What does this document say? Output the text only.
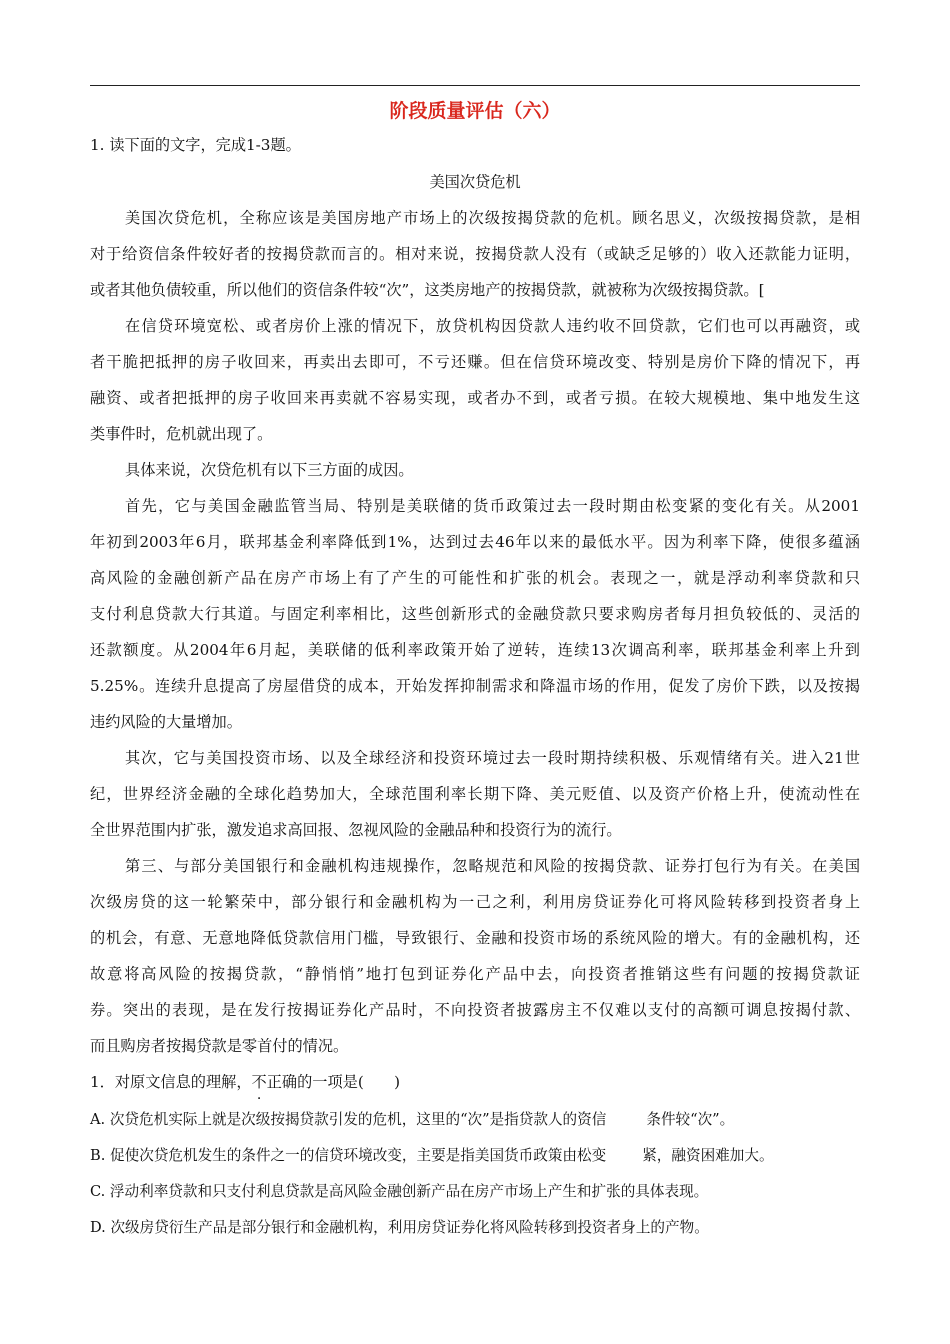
阶段质量评估（六）
1. 读下面的文字，完成1-3题。
美国次贷危机
美国次贷危机，全称应该是美国房地产市场上的次级按揭贷款的危机。顾名思义，次级按揭贷款，是相
对于给资信条件较好者的按揭贷款而言的。相对来说，按揭贷款人没有（或缺乏足够的）收入还款能力证明，
或者其他负债较重，所以他们的资信条件较“次”，这类房地产的按揭贷款，就被称为次级按揭贷款。[
在信贷环境宽松、或者房价上涨的情况下，放贷机构因贷款人违约收不回贷款，它们也可以再融资，或
者干脆把抵押的房子收回来，再卖出去即可，不亏还赚。但在信贷环境改变、特别是房价下降的情况下，再
融资、或者把抵押的房子收回来再卖就不容易实现，或者办不到，或者亏损。在较大规模地、集中地发生这
类事件时，危机就出现了。
具体来说，次贷危机有以下三方面的成因。
首先，它与美国金融监管当局、特别是美联储的货币政策过去一段时期由松变紧的变化有关。从2001
年初到2003年6月，联邦基金利率降低到1%，达到过去46年以来的最低水平。因为利率下降，使很多蕴涵
高风险的金融创新产品在房产市场上有了产生的可能性和扩张的机会。表现之一，就是浮动利率贷款和只
支付利息贷款大行其道。与固定利率相比，这些创新形式的金融贷款只要求购房者每月担负较低的、灵活的
还款额度。从2004年6月起，美联储的低利率政策开始了逆转，连续13次调高利率，联邦基金利率上升到
5.25%。连续升息提高了房屋借贷的成本，开始发挥抑制需求和降温市场的作用，促发了房价下跌，以及按揭
违约风险的大量增加。
其次，它与美国投资市场、以及全球经济和投资环境过去一段时期持续积极、乐观情绪有关。进入21世
纪，世界经济金融的全球化趋势加大，全球范围利率长期下降、美元贬值、以及资产价格上升，使流动性在
全世界范围内扩张，激发追求高回报、忽视风险的金融品种和投资行为的流行。
第三、与部分美国银行和金融机构违规操作，忽略规范和风险的按揭贷款、证券打包行为有关。在美国
次级房贷的这一轮繁荣中，部分银行和金融机构为一己之利，利用房贷证券化可将风险转移到投资者身上
的机会，有意、无意地降低贷款信用门槛，导致银行、金融和投资市场的系统风险的增大。有的金融机构，还
故意将高风险的按揭贷款，“静悄悄”地打包到证券化产品中去，向投资者推销这些有问题的按揭贷款证
券。突出的表现，是在发行按揭证券化产品时，不向投资者披露房主不仅难以支付的高额可调息按揭付款、
而且购房者按揭贷款是零首付的情况。
1．对原文信息的理解，不正确的一项是(　　)
A. 次贷危机实际上就是次级按揭贷款引发的危机，这里的“次”是指贷款人的资信	条件较“次”。
B. 促使次贷危机发生的条件之一的信贷环境改变，主要是指美国货币政策由松变 紧，融资困难加大。
C. 浮动利率贷款和只支付利息贷款是高风险金融创新产品在房产市场上产生和扩张的具体表现。
D. 次级房贷衍生产品是部分银行和金融机构，利用房贷证券化将风险转移到投资者身上的产物。
